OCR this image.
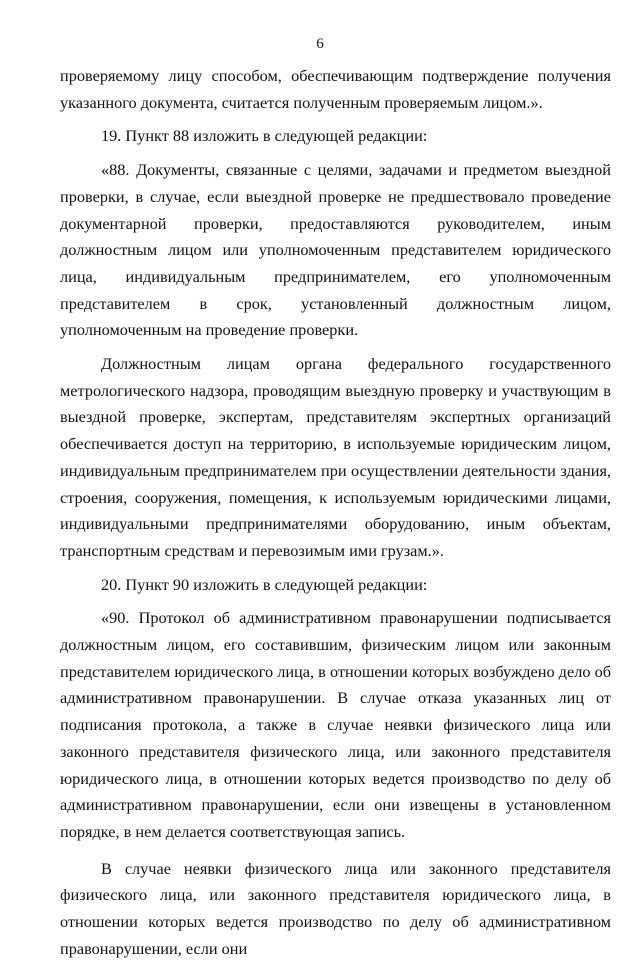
6

проверяемому лицу способом, обеспечивающим подтверждение получения указанного документа, считается полученным проверяемым лицом.».

19. Пункт 88 изложить в следующей редакции:

«88. Документы, связанные с целями, задачами и предметом выездной проверки, в случае, если выездной проверке не предшествовало проведение документарной проверки, предоставляются руководителем, иным должностным лицом или уполномоченным представителем юридического лица, индивидуальным предпринимателем, его уполномоченным представителем в срок, установленный должностным лицом, уполномоченным на проведение проверки.

Должностным лицам органа федерального государственного метрологического надзора, проводящим выездную проверку и участвующим в выездной проверке, экспертам, представителям экспертных организаций обеспечивается доступ на территорию, в используемые юридическим лицом, индивидуальным предпринимателем при осуществлении деятельности здания, строения, сооружения, помещения, к используемым юридическими лицами, индивидуальными предпринимателями оборудованию, иным объектам, транспортным средствам и перевозимым ими грузам.».

20. Пункт 90 изложить в следующей редакции:

«90. Протокол об административном правонарушении подписывается должностным лицом, его составившим, физическим лицом или законным представителем юридического лица, в отношении которых возбуждено дело об административном правонарушении. В случае отказа указанных лиц от подписания протокола, а также в случае неявки физического лица или законного представителя физического лица, или законного представителя юридического лица, в отношении которых ведется производство по делу об административном правонарушении, если они извещены в установленном порядке, в нем делается соответствующая запись.

В случае неявки физического лица или законного представителя физического лица, или законного представителя юридического лица, в отношении которых ведется производство по делу об административном правонарушении, если они
